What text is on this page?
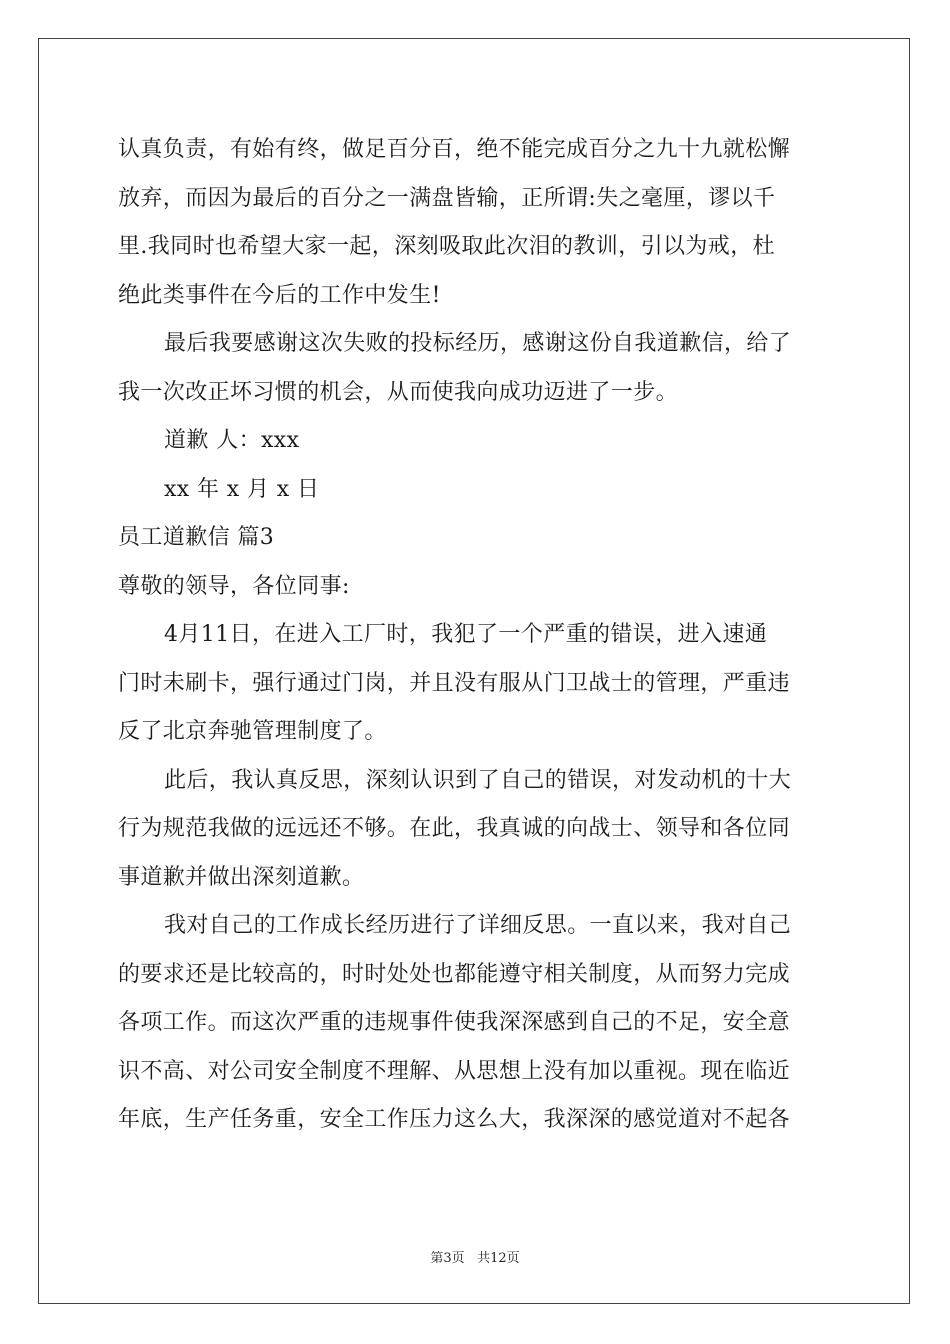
认真负责，有始有终，做足百分百，绝不能完成百分之九十九就松懈
放弃，而因为最后的百分之一满盘皆输，正所谓:失之毫厘，谬以千
里.我同时也希望大家一起，深刻吸取此次泪的教训，引以为戒，杜
绝此类事件在今后的工作中发生!
最后我要感谢这次失败的投标经历，感谢这份自我道歉信，给了
我一次改正坏习惯的机会，从而使我向成功迈进了一步。
道歉 人：xxx
xx 年 x 月 x 日
员工道歉信 篇3
尊敬的领导，各位同事:
4月11日，在进入工厂时，我犯了一个严重的错误，进入速通
门时未刷卡，强行通过门岗，并且没有服从门卫战士的管理，严重违
反了北京奔驰管理制度了。
此后，我认真反思，深刻认识到了自己的错误，对发动机的十大
行为规范我做的远远还不够。在此，我真诚的向战士、领导和各位同
事道歉并做出深刻道歉。
我对自己的工作成长经历进行了详细反思。一直以来，我对自己
的要求还是比较高的，时时处处也都能遵守相关制度，从而努力完成
各项工作。而这次严重的违规事件使我深深感到自己的不足，安全意
识不高、对公司安全制度不理解、从思想上没有加以重视。现在临近
年底，生产任务重，安全工作压力这么大，我深深的感觉道对不起各
第3页 共12页
